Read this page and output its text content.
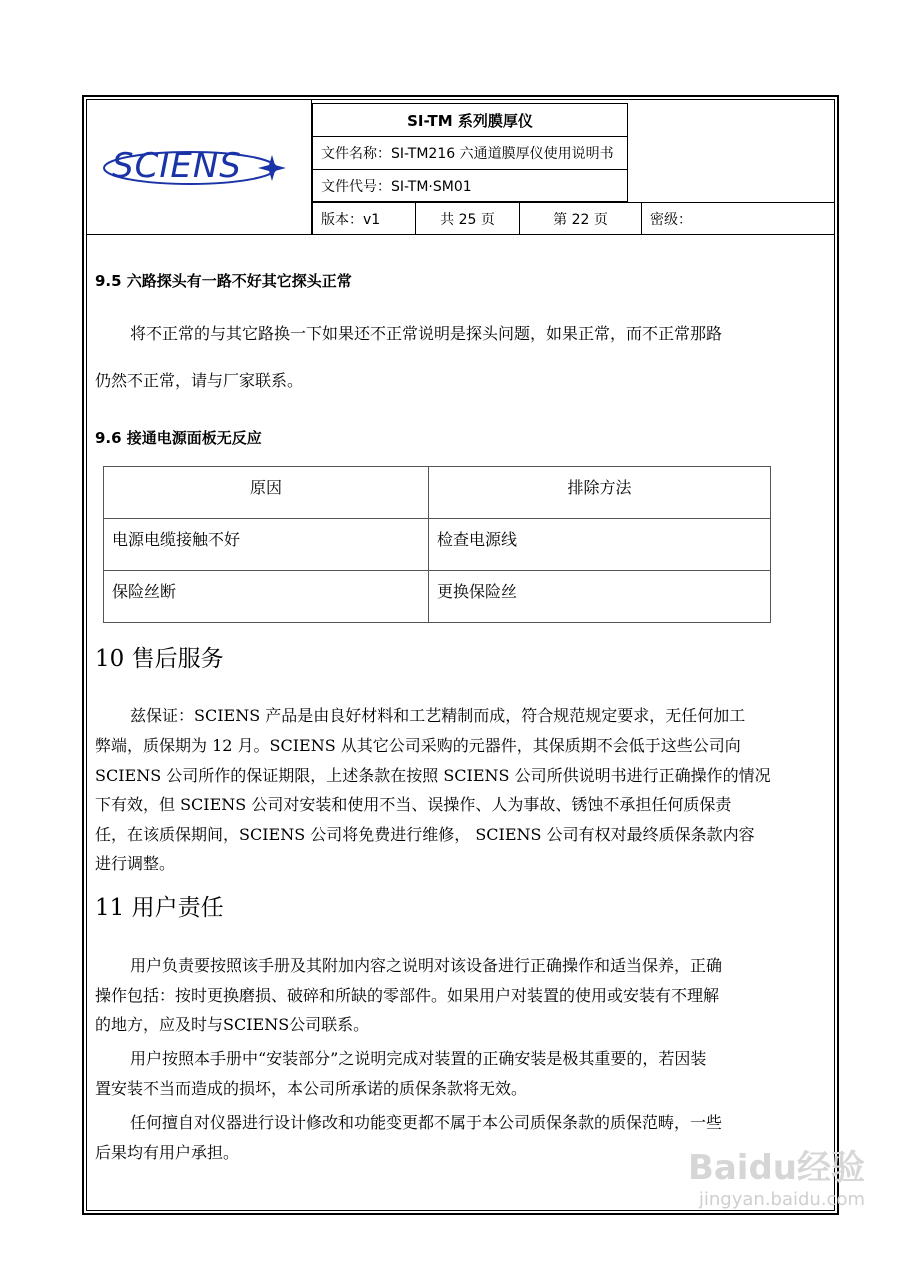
SCIENS
SI-TM 系列膜厚仪
文件名称：SI-TM216 六通道膜厚仪使用说明书
文件代号：SI-TM·SM01
版本：v1	共 25 页	第 22 页	密级：
9.5 六路探头有一路不好其它探头正常
将不正常的与其它路换一下如果还不正常说明是探头问题，如果正常，而不正常那路
仍然不正常，请与厂家联系。
9.6 接通电源面板无反应
原因	排除方法
电源电缆接触不好	检查电源线
保险丝断	更换保险丝
10 售后服务
兹保证：SCIENS 产品是由良好材料和工艺精制而成，符合规范规定要求，无任何加工
弊端，质保期为 12 月。SCIENS 从其它公司采购的元器件，其保质期不会低于这些公司向
SCIENS 公司所作的保证期限，上述条款在按照 SCIENS 公司所供说明书进行正确操作的情况
下有效，但 SCIENS 公司对安装和使用不当、误操作、人为事故、锈蚀不承担任何质保责
任，在该质保期间，SCIENS 公司将免费进行维修， SCIENS 公司有权对最终质保条款内容
进行调整。
11 用户责任
用户负责要按照该手册及其附加内容之说明对该设备进行正确操作和适当保养，正确
操作包括：按时更换磨损、破碎和所缺的零部件。如果用户对装置的使用或安装有不理解
的地方，应及时与SCIENS公司联系。
用户按照本手册中“安装部分”之说明完成对装置的正确安装是极其重要的，若因装
置安装不当而造成的损坏，本公司所承诺的质保条款将无效。
任何擅自对仪器进行设计修改和功能变更都不属于本公司质保条款的质保范畴，一些
后果均有用户承担。	Baidu经验
jingyan.baidu.com
